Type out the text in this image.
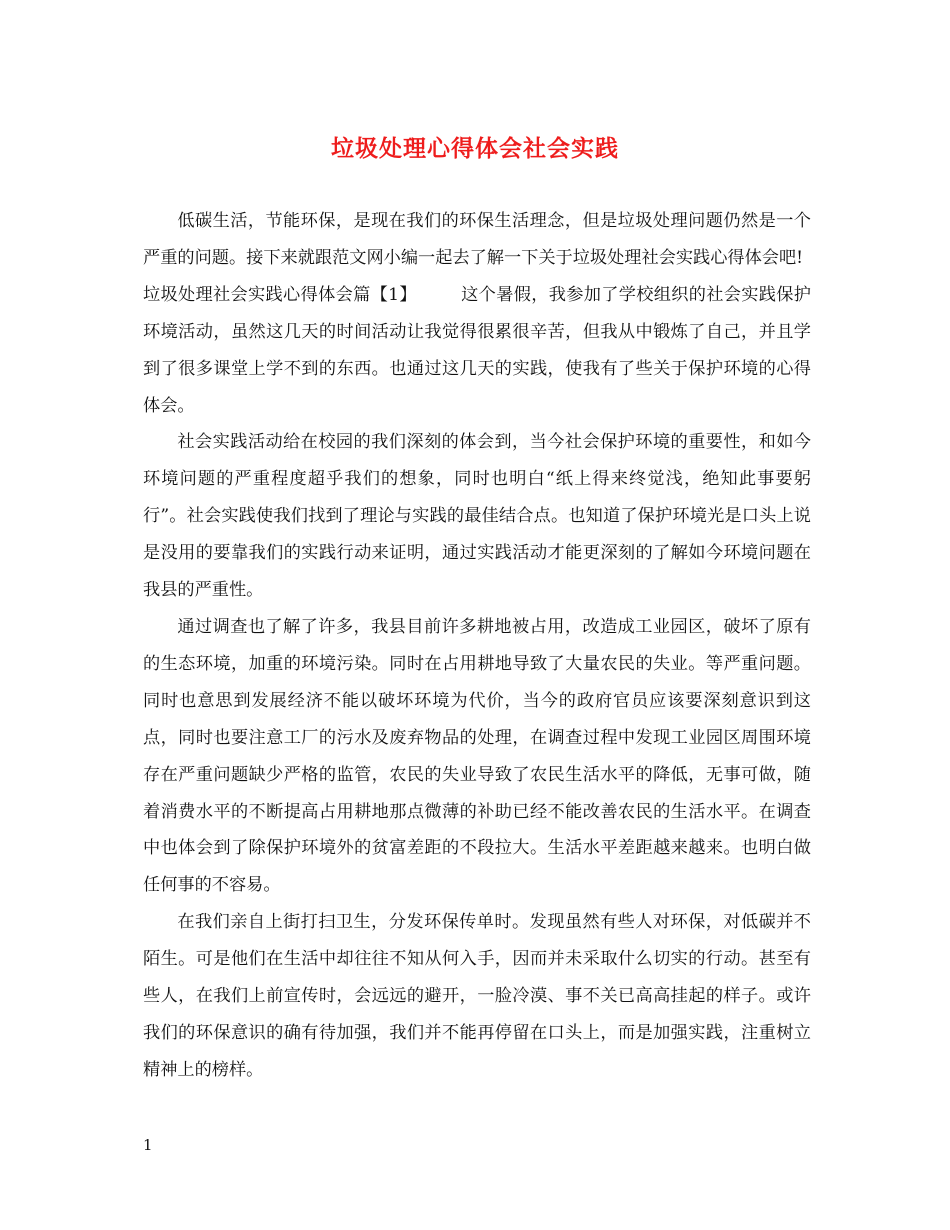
垃圾处理心得体会社会实践

低碳生活，节能环保，是现在我们的环保生活理念，但是垃圾处理问题仍然是一个严重的问题。接下来就跟范文网小编一起去了解一下关于垃圾处理社会实践心得体会吧!

垃圾处理社会实践心得体会篇【1】	这个暑假，我参加了学校组织的社会实践保护环境活动，虽然这几天的时间活动让我觉得很累很辛苦，但我从中锻炼了自己，并且学到了很多课堂上学不到的东西。也通过这几天的实践，使我有了些关于保护环境的心得体会。

社会实践活动给在校园的我们深刻的体会到，当今社会保护环境的重要性，和如今环境问题的严重程度超乎我们的想象，同时也明白“纸上得来终觉浅，绝知此事要躬行”。社会实践使我们找到了理论与实践的最佳结合点。也知道了保护环境光是口头上说是没用的要靠我们的实践行动来证明，通过实践活动才能更深刻的了解如今环境问题在我县的严重性。

通过调查也了解了许多，我县目前许多耕地被占用，改造成工业园区，破坏了原有的生态环境，加重的环境污染。同时在占用耕地导致了大量农民的失业。等严重问题。同时也意思到发展经济不能以破坏环境为代价，当今的政府官员应该要深刻意识到这点，同时也要注意工厂的污水及废弃物品的处理，在调查过程中发现工业园区周围环境存在严重问题缺少严格的监管，农民的失业导致了农民生活水平的降低，无事可做，随着消费水平的不断提高占用耕地那点微薄的补助已经不能改善农民的生活水平。在调查中也体会到了除保护环境外的贫富差距的不段拉大。生活水平差距越来越来。也明白做任何事的不容易。

在我们亲自上街打扫卫生，分发环保传单时。发现虽然有些人对环保，对低碳并不陌生。可是他们在生活中却往往不知从何入手，因而并未采取什么切实的行动。甚至有些人，在我们上前宣传时，会远远的避开，一脸冷漠、事不关已高高挂起的样子。或许我们的环保意识的确有待加强，我们并不能再停留在口头上，而是加强实践，注重树立精神上的榜样。

1
